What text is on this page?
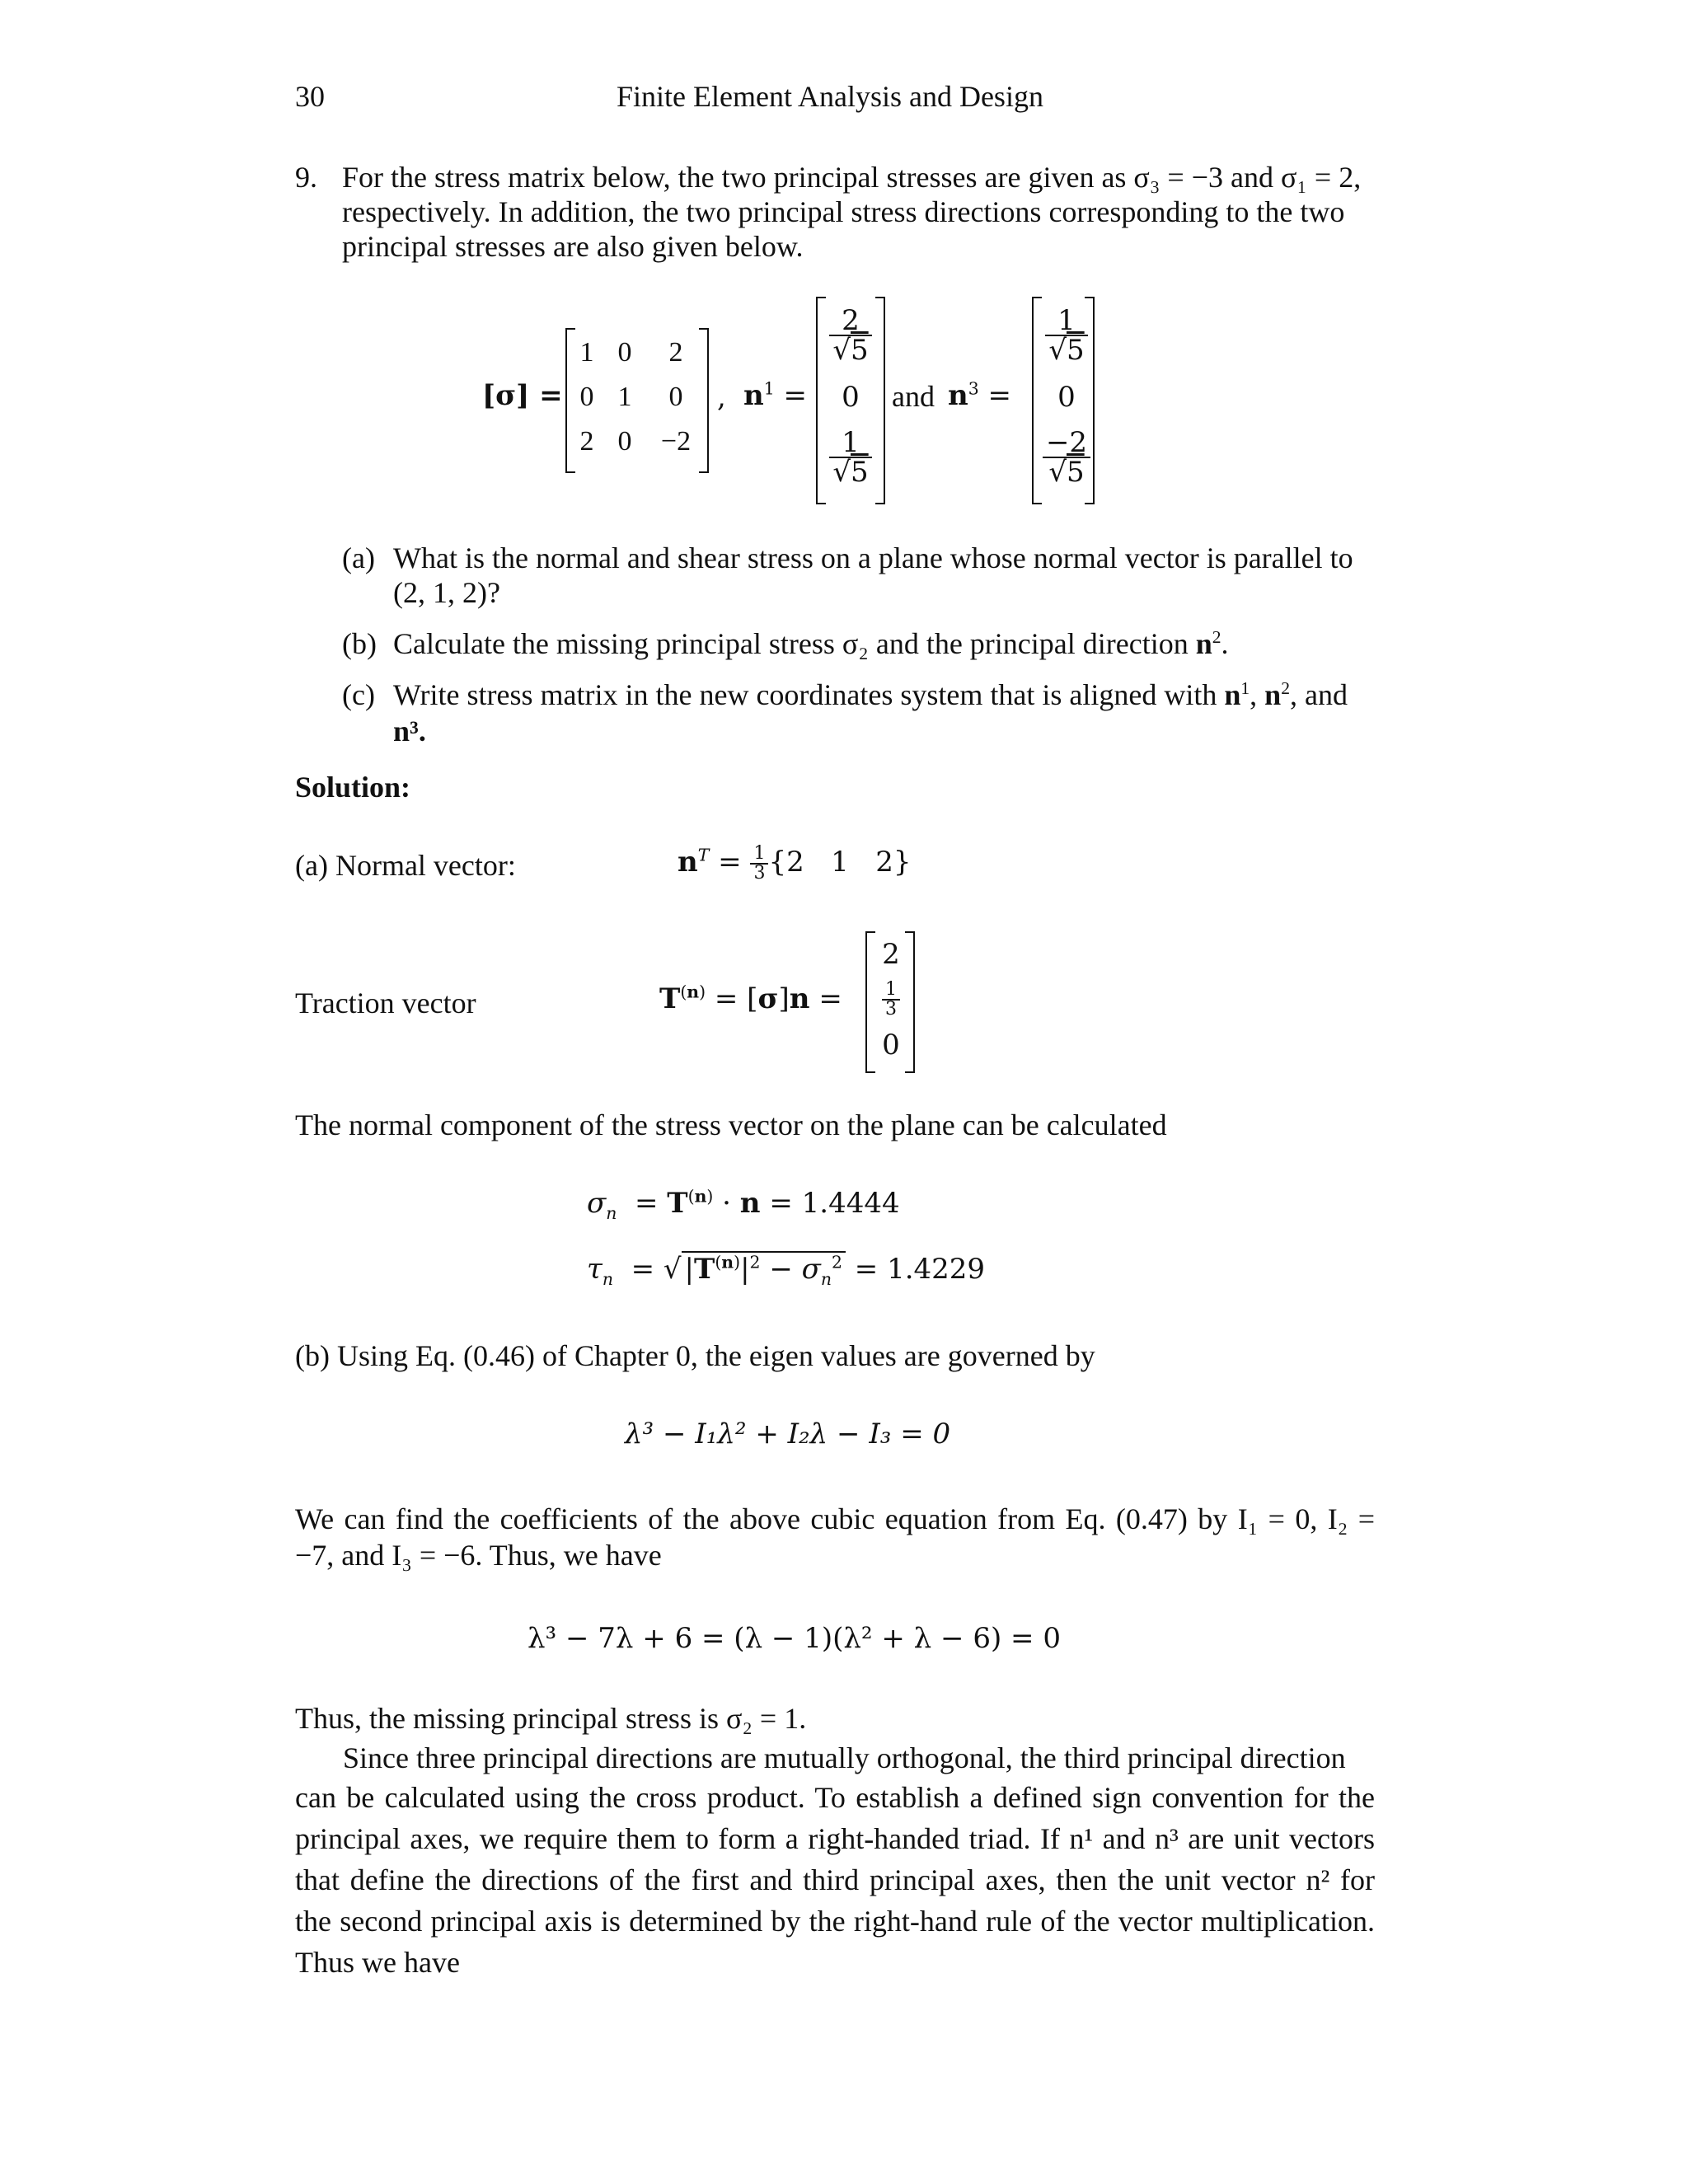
30	Finite Element Analysis and Design
9. For the stress matrix below, the two principal stresses are given as σ₃ = −3 and σ₁ = 2,
respectively. In addition, the two principal stress directions corresponding to the two
principal stresses are also given below.
[σ] =
1 0	2
0 1	0
2 0	−2
, $n^1$ =
$\frac{2}{√5}$
0
$\frac{1}{√5}$
and $n^3$ =
$\frac{1}{√5}$
0
$\frac{-2}{√5}$
(a) What is the normal and shear stress on a plane whose normal vector is parallel to
(2, 1, 2)?
(b) Calculate the missing principal stress σ₂ and the principal direction $n^2$.
(c) Write stress matrix in the new coordinates system that is aligned with $n^1$, $n^2$, and
n³.
Solution:
(a) Normal vector:	$n^T = \frac{1}{3} \{2$   1   2}
Traction vector	$T^{(n)} = [\sigma]n$ =
2
$\frac{1}{3}$
0
The normal component of the stress vector on the plane can be calculated
$\sigma_n = T^{(n)} \cdot n = 1.4444$
$\tau_n$  = √ $|T^{(n)}|^2 - \sigma_n^2 = 1.4229$
(b) Using Eq. (0.46) of Chapter 0, the eigen values are governed by
λ³ − I₁λ² + I₂λ − I₃ = 0
We can find the coefficients of the above cubic equation from Eq. (0.47) by I₁ = 0, I₂ =
−7, and I₃ = −6. Thus, we have
λ³ − 7λ + 6 = (λ − 1)(λ² + λ − 6) = 0
Thus, the missing principal stress is σ₂ = 1.
Since three principal directions are mutually orthogonal, the third principal direction
can be calculated using the cross product. To establish a defined sign convention for the
principal axes, we require them to form a right-handed triad. If n¹ and n³ are unit vectors
that define the directions of the first and third principal axes, then the unit vector n² for
the second principal axis is determined by the right-hand rule of the vector multiplication.
Thus we have
